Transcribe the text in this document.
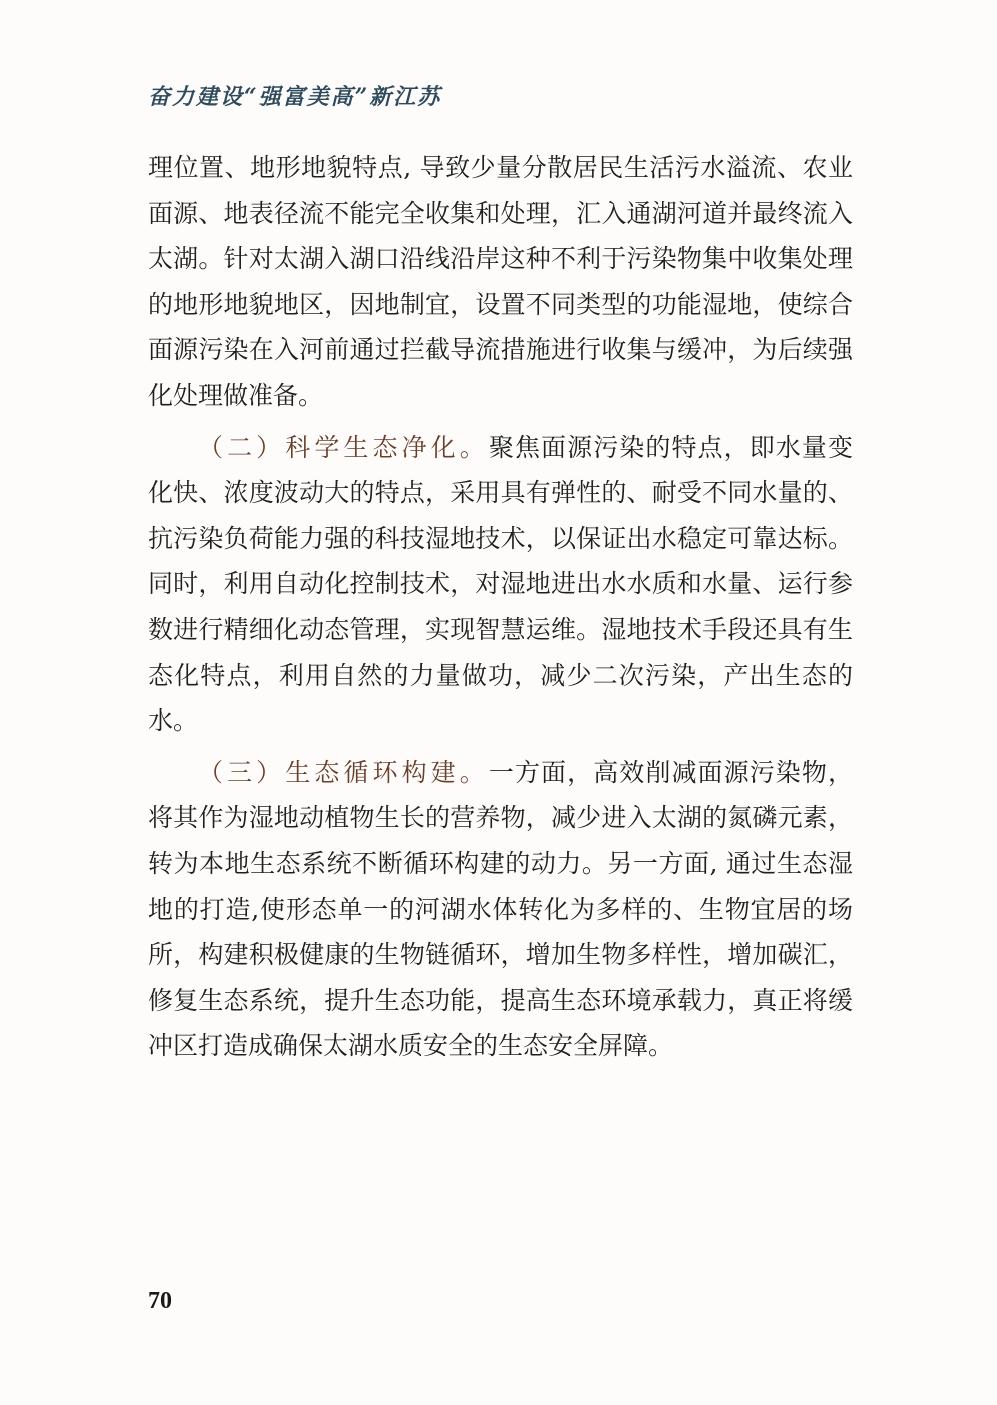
奋力建设“强富美高”新江苏

理位置、地形地貌特点, 导致少量分散居民生活污水溢流、农业面源、地表径流不能完全收集和处理，汇入通湖河道并最终流入太湖。针对太湖入湖口沿线沿岸这种不利于污染物集中收集处理的地形地貌地区，因地制宜，设置不同类型的功能湿地，使综合面源污染在入河前通过拦截导流措施进行收集与缓冲，为后续强化处理做准备。

（二）科学生态净化。聚焦面源污染的特点，即水量变化快、浓度波动大的特点，采用具有弹性的、耐受不同水量的、抗污染负荷能力强的科技湿地技术，以保证出水稳定可靠达标。同时，利用自动化控制技术，对湿地进出水水质和水量、运行参数进行精细化动态管理，实现智慧运维。湿地技术手段还具有生态化特点，利用自然的力量做功，减少二次污染，产出生态的水。

（三）生态循环构建。一方面，高效削减面源污染物，将其作为湿地动植物生长的营养物，减少进入太湖的氮磷元素，转为本地生态系统不断循环构建的动力。另一方面, 通过生态湿地的打造,使形态单一的河湖水体转化为多样的、生物宜居的场所，构建积极健康的生物链循环，增加生物多样性，增加碳汇，修复生态系统，提升生态功能，提高生态环境承载力，真正将缓冲区打造成确保太湖水质安全的生态安全屏障。

70
